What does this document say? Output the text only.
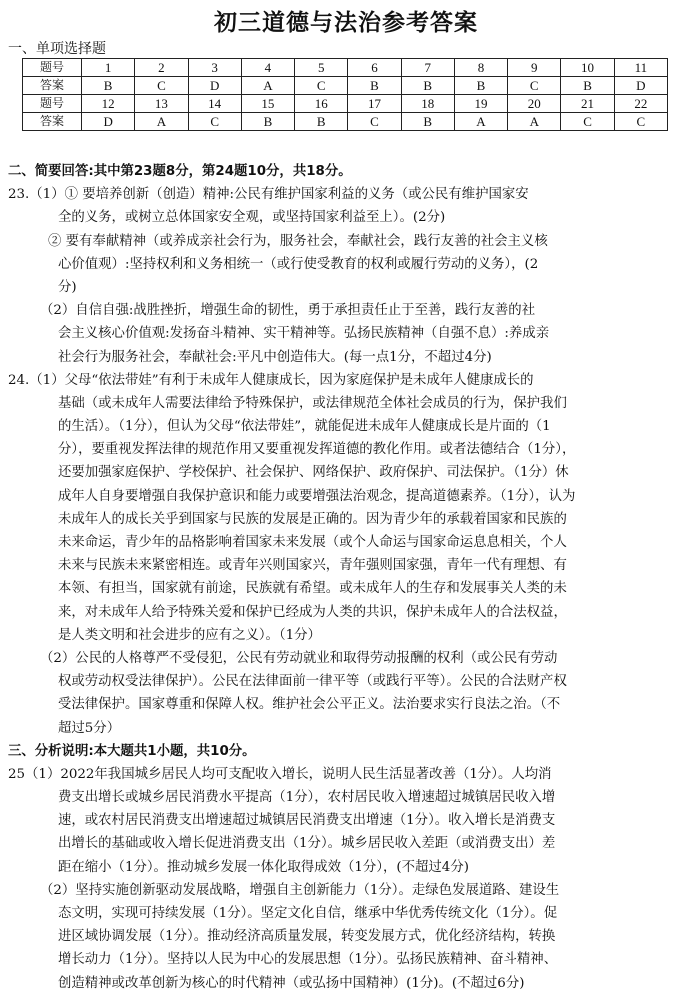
初三道德与法治参考答案
一、单项选择题
题号	1	2	3	4	5	6	7	8	9	10	11
答案	B	C	D	A	C	B	B	B	C	B	D
题号	12	13	14	15	16	17	18	19	20	21	22
答案	D	A	C	B	B	C	B	A	A	C	C
二、简要回答:其中第23题8分，第24题10分，共18分。
23.（1）① 要培养创新（创造）精神:公民有维护国家利益的义务（或公民有维护国家安
全的义务，或树立总体国家安全观，或坚持国家利益至上）。(2分)
② 要有奉献精神（或养成亲社会行为，服务社会，奉献社会，践行友善的社会主义核
心价值观）:坚持权利和义务相统一（或行使受教育的权利或履行劳动的义务），(2
分)
（2）自信自强:战胜挫折，增强生命的韧性，勇于承担责任止于至善，践行友善的社
会主义核心价值观:发扬奋斗精神、实干精神等。弘扬民族精神（自强不息）:养成亲
社会行为服务社会，奉献社会:平凡中创造伟大。(每一点1分，不超过4分)
24.（1）父母“依法带娃”有利于未成年人健康成长，因为家庭保护是未成年人健康成长的
基础（或未成年人需要法律给予特殊保护，或法律规范全体社会成员的行为，保护我们
的生活）。（1分），但认为父母“依法带娃”，就能促进未成年人健康成长是片面的（1
分），要重视发挥法律的规范作用又要重视发挥道德的教化作用。或者法德结合（1分），
还要加强家庭保护、学校保护、社会保护、网络保护、政府保护、司法保护。（1分）休
成年人自身要增强自我保护意识和能力或要增强法治观念，提高道德素养。（1分），认为
未成年人的成长关乎到国家与民族的发展是正确的。因为青少年的承载着国家和民族的
未来命运，青少年的品格影响着国家未来发展（或个人命运与国家命运息息相关，个人
未来与民族未来紧密相连。或青年兴则国家兴，青年强则国家强，青年一代有理想、有
本领、有担当，国家就有前途，民族就有希望。或未成年人的生存和发展事关人类的未
来，对未成年人给予特殊关爱和保护已经成为人类的共识，保护未成年人的合法权益，
是人类文明和社会进步的应有之义）。（1分）
（2）公民的人格尊严不受侵犯，公民有劳动就业和取得劳动报酬的权利（或公民有劳动
权或劳动权受法律保护）。公民在法律面前一律平等（或践行平等）。公民的合法财产权
受法律保护。国家尊重和保障人权。维护社会公平正义。法治要求实行良法之治。（不
超过5分）
三、分析说明:本大题共1小题，共10分。
25（1）2022年我国城乡居民人均可支配收入增长，说明人民生活显著改善（1分）。人均消
费支出增长或城乡居民消费水平提高（1分），农村居民收入增速超过城镇居民收入增
速，或农村居民消费支出增速超过城镇居民消费支出增速（1分）。收入增长是消费支
出增长的基础或收入增长促进消费支出（1分）。城乡居民收入差距（或消费支出）差
距在缩小（1分）。推动城乡发展一体化取得成效（1分），(不超过4分)
（2）坚持实施创新驱动发展战略，增强自主创新能力（1分）。走绿色发展道路、建设生
态文明，实现可持续发展（1分）。坚定文化自信，继承中华优秀传统文化（1分）。促
进区域协调发展（1分）。推动经济高质量发展，转变发展方式，优化经济结构，转换
增长动力（1分）。坚持以人民为中心的发展思想（1分）。弘扬民族精神、奋斗精神、
创造精神或改革创新为核心的时代精神（或弘扬中国精神）(1分)。(不超过6分)
